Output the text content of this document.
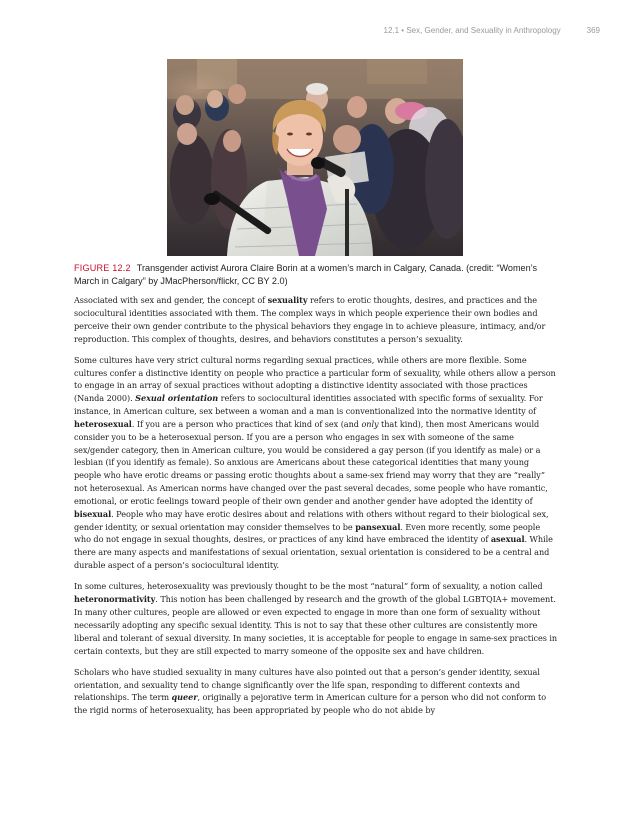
12.1 • Sex, Gender, and Sexuality in Anthropology	369
FIGURE 12.2 Transgender activist Aurora Claire Borin at a women’s march in Calgary, Canada. (credit: “Women’s March in Calgary” by JMacPherson/flickr, CC BY 2.0)

Associated with sex and gender, the concept of sexuality refers to erotic thoughts, desires, and practices and the sociocultural identities associated with them. The complex ways in which people experience their own bodies and perceive their own gender contribute to the physical behaviors they engage in to achieve pleasure, intimacy, and/or reproduction. This complex of thoughts, desires, and behaviors constitutes a person’s sexuality.

Some cultures have very strict cultural norms regarding sexual practices, while others are more flexible. Some cultures confer a distinctive identity on people who practice a particular form of sexuality, while others allow a person to engage in an array of sexual practices without adopting a distinctive identity associated with those practices (Nanda 2000). Sexual orientation refers to sociocultural identities associated with specific forms of sexuality. For instance, in American culture, sex between a woman and a man is conventionalized into the normative identity of heterosexual. If you are a person who practices that kind of sex (and only that kind), then most Americans would consider you to be a heterosexual person. If you are a person who engages in sex with someone of the same sex/gender category, then in American culture, you would be considered a gay person (if you identify as male) or a lesbian (if you identify as female). So anxious are Americans about these categorical identities that many young people who have erotic dreams or passing erotic thoughts about a same-sex friend may worry that they are “really” not heterosexual. As American norms have changed over the past several decades, some people who have romantic, emotional, or erotic feelings toward people of their own gender and another gender have adopted the identity of bisexual. People who may have erotic desires about and relations with others without regard to their biological sex, gender identity, or sexual orientation may consider themselves to be pansexual. Even more recently, some people who do not engage in sexual thoughts, desires, or practices of any kind have embraced the identity of asexual. While there are many aspects and manifestations of sexual orientation, sexual orientation is considered to be a central and durable aspect of a person’s sociocultural identity.

In some cultures, heterosexuality was previously thought to be the most “natural” form of sexuality, a notion called heteronormativity. This notion has been challenged by research and the growth of the global LGBTQIA+ movement. In many other cultures, people are allowed or even expected to engage in more than one form of sexuality without necessarily adopting any specific sexual identity. This is not to say that these other cultures are consistently more liberal and tolerant of sexual diversity. In many societies, it is acceptable for people to engage in same-sex practices in certain contexts, but they are still expected to marry someone of the opposite sex and have children.

Scholars who have studied sexuality in many cultures have also pointed out that a person’s gender identity, sexual orientation, and sexuality tend to change significantly over the life span, responding to different contexts and relationships. The term queer, originally a pejorative term in American culture for a person who did not conform to the rigid norms of heterosexuality, has been appropriated by people who do not abide by
